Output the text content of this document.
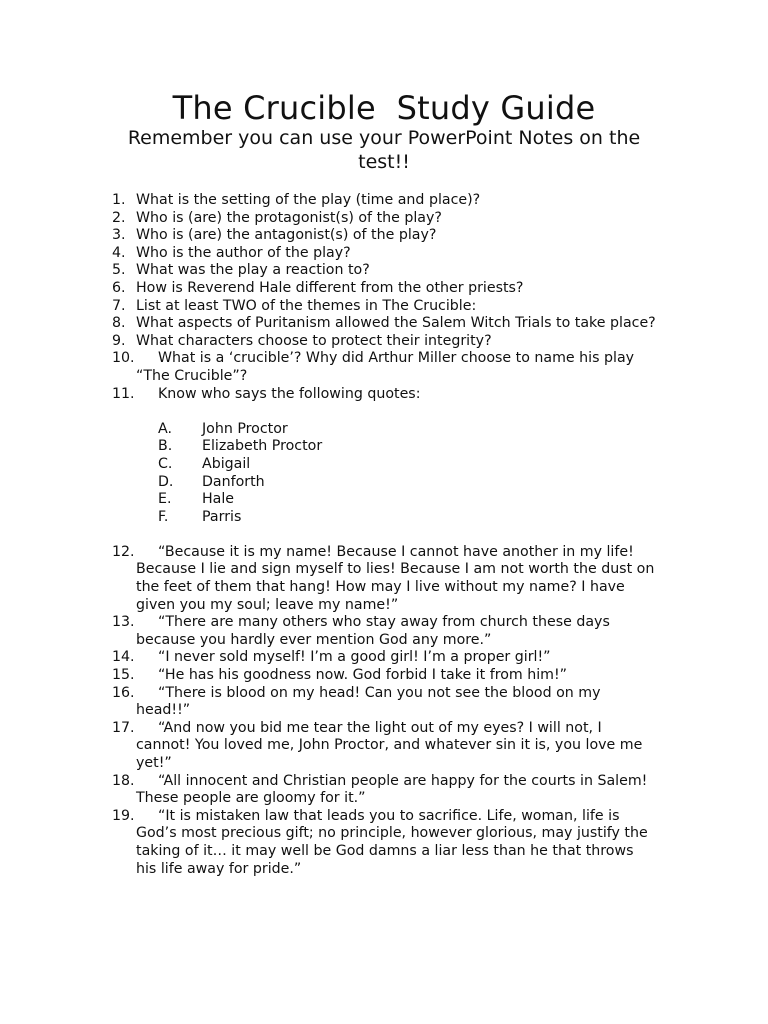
The Crucible  Study Guide
Remember you can use your PowerPoint Notes on the test!!
1. What is the setting of the play (time and place)?
2. Who is (are) the protagonist(s) of the play?
3. Who is (are) the antagonist(s) of the play?
4. Who is the author of the play?
5. What was the play a reaction to?
6. How is Reverend Hale different from the other priests?
7. List at least TWO of the themes in The Crucible:
8. What aspects of Puritanism allowed the Salem Witch Trials to take place?
9. What characters choose to protect their integrity?
10. What is a ‘crucible’? Why did Arthur Miller choose to name his play “The Crucible”?
11. Know who says the following quotes:
A. John Proctor
B. Elizabeth Proctor
C. Abigail
D. Danforth
E. Hale
F. Parris
12. “Because it is my name! Because I cannot have another in my life! Because I lie and sign myself to lies! Because I am not worth the dust on the feet of them that hang! How may I live without my name? I have given you my soul; leave my name!”
13. “There are many others who stay away from church these days because you hardly ever mention God any more.”
14. “I never sold myself! I’m a good girl! I’m a proper girl!”
15. “He has his goodness now. God forbid I take it from him!”
16. “There is blood on my head! Can you not see the blood on my head!!”
17. “And now you bid me tear the light out of my eyes? I will not, I cannot! You loved me, John Proctor, and whatever sin it is, you love me yet!”
18. “All innocent and Christian people are happy for the courts in Salem! These people are gloomy for it.”
19. “It is mistaken law that leads you to sacrifice. Life, woman, life is God’s most precious gift; no principle, however glorious, may justify the taking of it… it may well be God damns a liar less than he that throws his life away for pride.”
